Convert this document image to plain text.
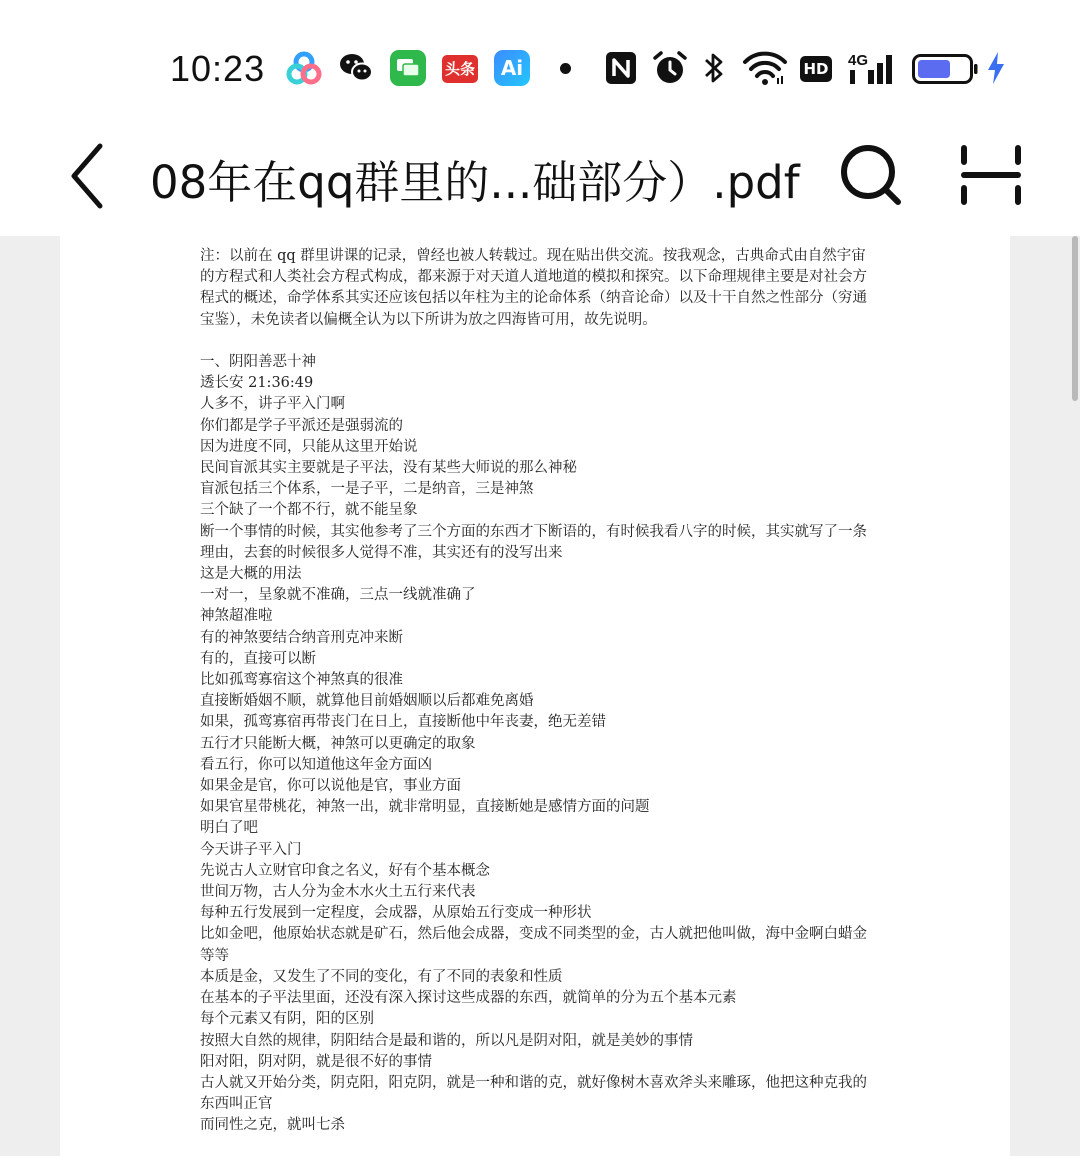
10:23	头条	Ai	HD 4G
08年在qq群里的...础部分）.pdf
注：以前在 qq 群里讲课的记录，曾经也被人转载过。现在贴出供交流。按我观念，古典命式由自然宇宙的方程式和人类社会方程式构成，都来源于对天道人道地道的模拟和探究。以下命理规律主要是对社会方程式的概述，命学体系其实还应该包括以年柱为主的论命体系（纳音论命）以及十干自然之性部分（穷通宝鉴），未免读者以偏概全认为以下所讲为放之四海皆可用，故先说明。
一、阴阳善恶十神
透长安 21:36:49
人多不，讲子平入门啊
你们都是学子平派还是强弱流的
因为进度不同，只能从这里开始说
民间盲派其实主要就是子平法，没有某些大师说的那么神秘
盲派包括三个体系，一是子平，二是纳音，三是神煞
三个缺了一个都不行，就不能呈象
断一个事情的时候，其实他参考了三个方面的东西才下断语的，有时候我看八字的时候，其实就写了一条理由，去套的时候很多人觉得不准，其实还有的没写出来
这是大概的用法
一对一，呈象就不准确，三点一线就准确了
神煞超准啦
有的神煞要结合纳音刑克冲来断
有的，直接可以断
比如孤鸾寡宿这个神煞真的很准
直接断婚姻不顺，就算他目前婚姻顺以后都难免离婚
如果，孤鸾寡宿再带丧门在日上，直接断他中年丧妻，绝无差错
五行才只能断大概，神煞可以更确定的取象
看五行，你可以知道他这年金方面凶
如果金是官，你可以说他是官，事业方面
如果官星带桃花，神煞一出，就非常明显，直接断她是感情方面的问题
明白了吧
今天讲子平入门
先说古人立财官印食之名义，好有个基本概念
世间万物，古人分为金木水火土五行来代表
每种五行发展到一定程度，会成器，从原始五行变成一种形状
比如金吧，他原始状态就是矿石，然后他会成器，变成不同类型的金，古人就把他叫做，海中金啊白蜡金等等
本质是金，又发生了不同的变化，有了不同的表象和性质
在基本的子平法里面，还没有深入探讨这些成器的东西，就简单的分为五个基本元素
每个元素又有阴，阳的区别
按照大自然的规律，阴阳结合是最和谐的，所以凡是阴对阳，就是美妙的事情
阳对阳，阴对阴，就是很不好的事情
古人就又开始分类，阴克阳，阳克阴，就是一种和谐的克，就好像树木喜欢斧头来雕琢，他把这种克我的东西叫正官
而同性之克，就叫七杀
